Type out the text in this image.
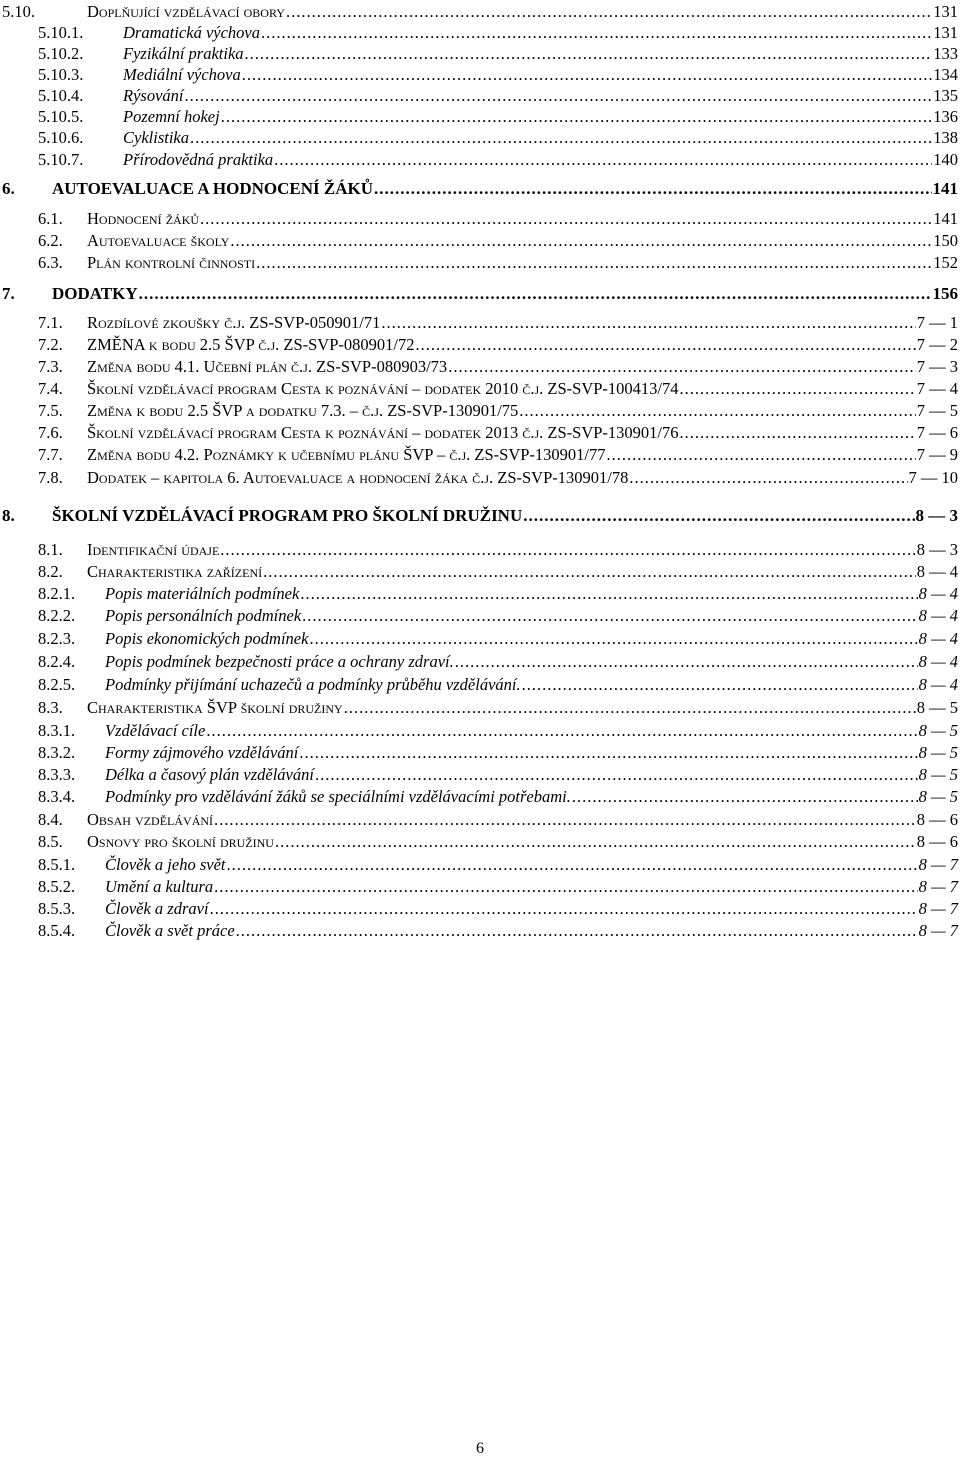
5.10.	Doplňující vzdělávací obory .....	131
5.10.1.	Dramatická výchova .....	131
5.10.2.	Fyzikální praktika .....	133
5.10.3.	Mediální výchova .....	134
5.10.4.	Rýsování .....	135
5.10.5.	Pozemní hokej .....	136
5.10.6.	Cyklistika .....	138
5.10.7.	Přírodovědná praktika .....	140
6.	AUTOEVALUACE A HODNOCENÍ ŽÁKŮ .....	141
6.1.	Hodnocení žáků .....	141
6.2.	Autoevaluace školy .....	150
6.3.	Plán kontrolní činnosti .....	152
7.	DODATKY .....	156
7.1.	Rozdílové zkoušky č.j. ZS-SVP-050901/71 .....	7 — 1
7.2.	ZMĚNA k bodu 2.5 ŠVP č.j. ZS-SVP-080901/72 .....	7 — 2
7.3.	Změna bodu 4.1. Učební plán č.j. ZS-SVP-080903/73 .....	7 — 3
7.4.	Školní vzdělávací program Cesta k poznávání – dodatek 2010 č.j. ZS-SVP-100413/74 .....	7 — 4
7.5.	Změna k bodu 2.5 ŠVP a dodatku 7.3. – č.j. ZS-SVP-130901/75 .....	7 — 5
7.6.	Školní vzdělávací program Cesta k poznávání – dodatek 2013 č.j. ZS-SVP-130901/76 .....	7 — 6
7.7.	Změna bodu 4.2. Poznámky k učebnímu plánu ŠVP – č.j. ZS-SVP-130901/77 .....	7 — 9
7.8.	Dodatek – kapitola 6. Autoevaluace a hodnocení žáka č.j. ZS-SVP-130901/78 .....	7 — 10
8.	ŠKOLNÍ VZDĚLÁVACÍ PROGRAM PRO ŠKOLNÍ DRUŽINU .....	8 — 3
8.1.	Identifikační údaje .....	8 — 3
8.2.	Charakteristika zařízení .....	8 — 4
8.2.1.	Popis materiálních podmínek .....	8 — 4
8.2.2.	Popis personálních podmínek .....	8 — 4
8.2.3.	Popis ekonomických podmínek .....	8 — 4
8.2.4.	Popis podmínek bezpečnosti práce a ochrany zdraví. .....	8 — 4
8.2.5.	Podmínky přijímání uchazečů a podmínky průběhu vzdělávání. .....	8 — 4
8.3.	Charakteristika ŠVP školní družiny .....	8 — 5
8.3.1.	Vzdělávací cíle .....	8 — 5
8.3.2.	Formy zájmového vzdělávání .....	8 — 5
8.3.3.	Délka a časový plán vzdělávání .....	8 — 5
8.3.4.	Podmínky pro vzdělávání žáků se speciálními vzdělávacími potřebami. .....	8 — 5
8.4.	Obsah vzdělávání .....	8 — 6
8.5.	Osnovy pro školní družinu .....	8 — 6
8.5.1.	Člověk a jeho svět .....	8 — 7
8.5.2.	Umění a kultura .....	8 — 7
8.5.3.	Člověk a zdraví .....	8 — 7
8.5.4.	Člověk a svět práce .....	8 — 7
6
